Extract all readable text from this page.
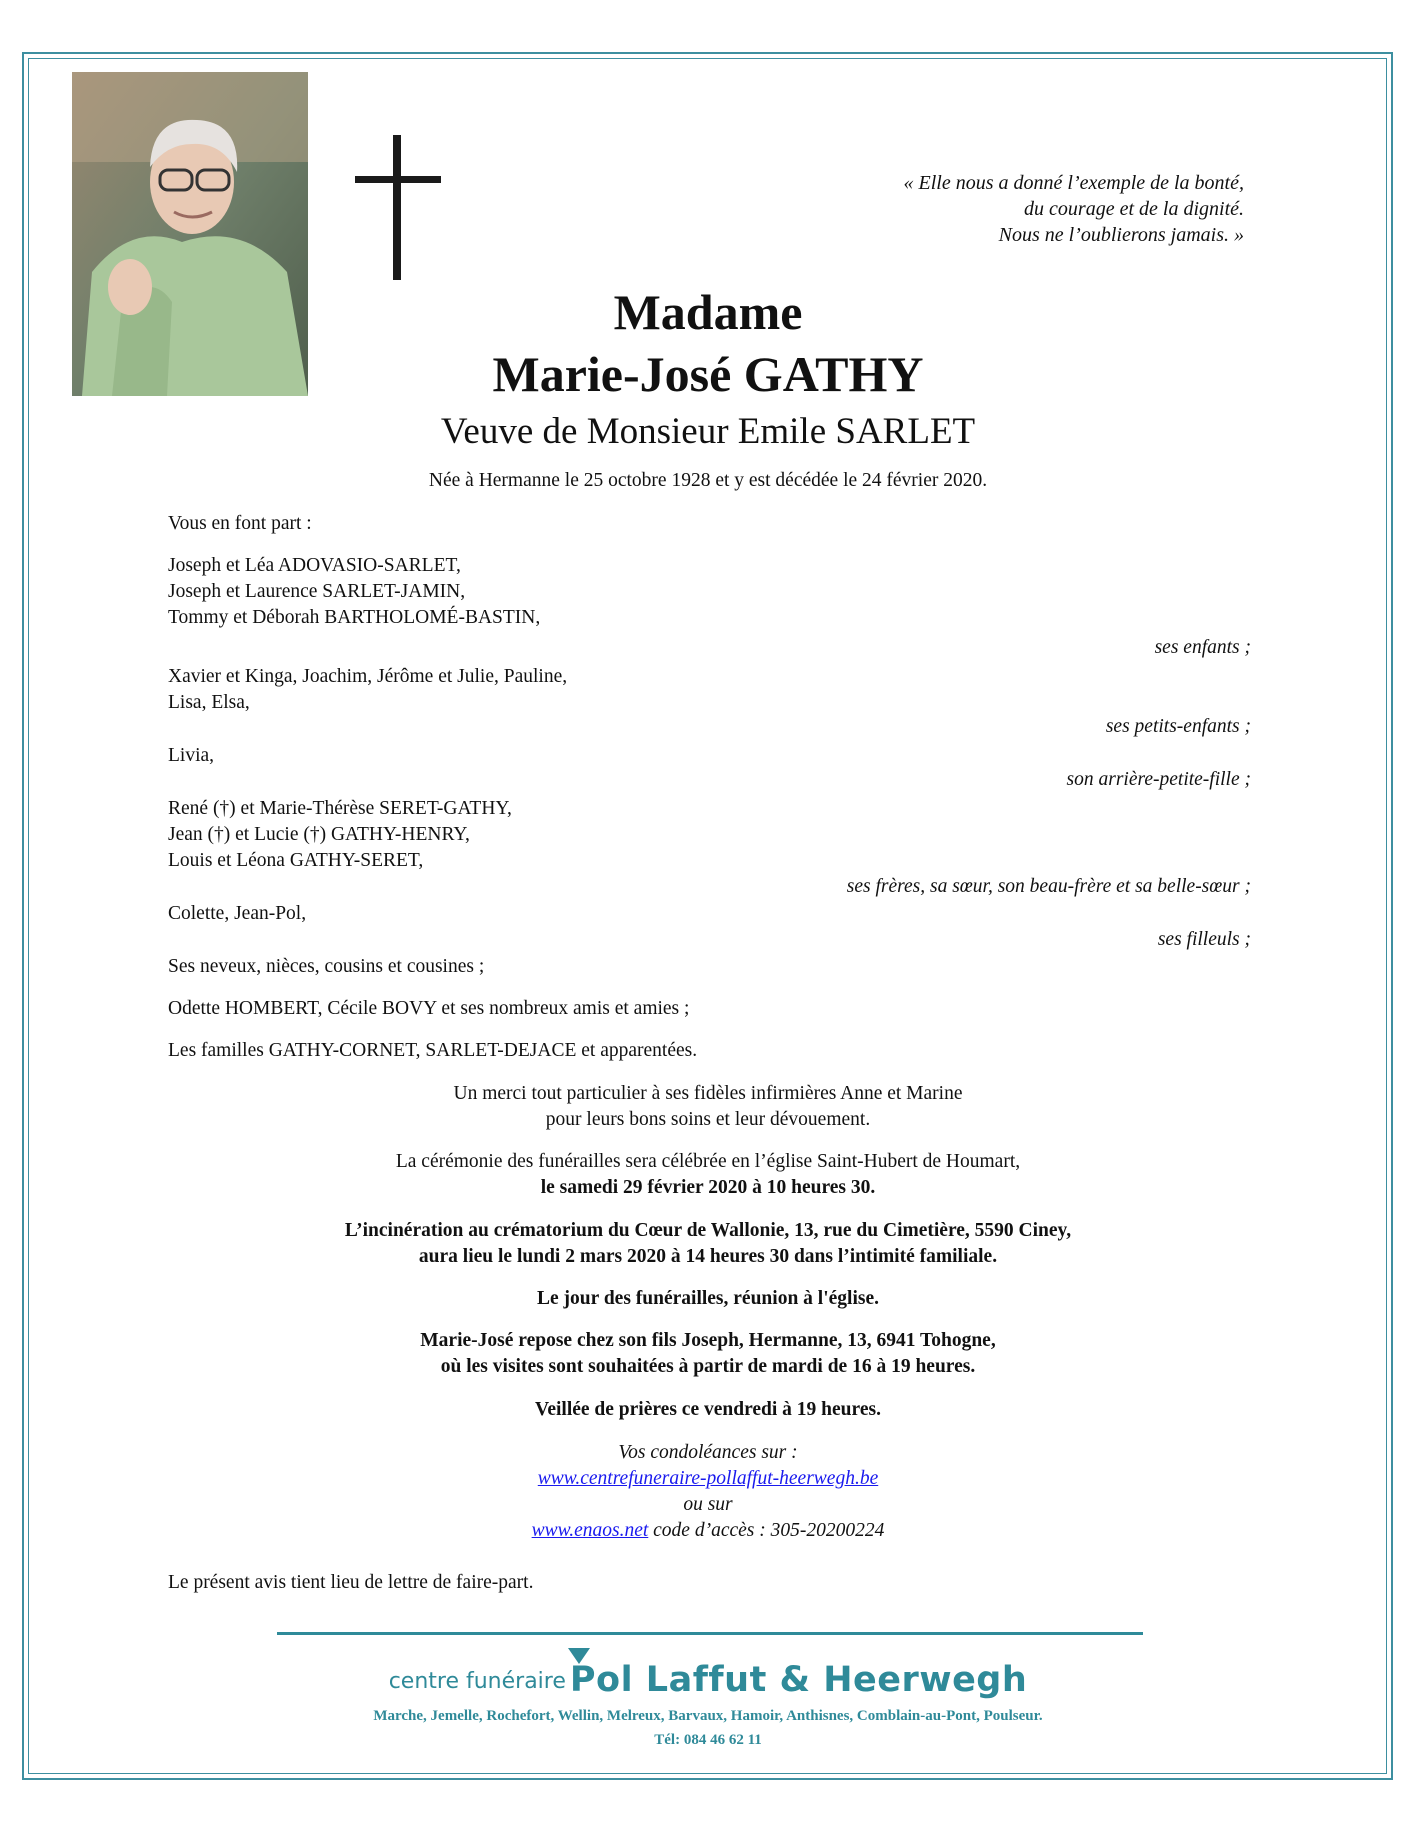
« Elle nous a donné l’exemple de la bonté,
du courage et de la dignité.
Nous ne l’oublierons jamais. »
Madame
Marie-José GATHY
Veuve de Monsieur Emile SARLET
Née à Hermanne le 25 octobre 1928 et y est décédée le 24 février 2020.
Vous en font part :
Joseph et Léa ADOVASIO-SARLET,
Joseph et Laurence SARLET-JAMIN,
Tommy et Déborah BARTHOLOMÉ-BASTIN,
ses enfants ;
Xavier et Kinga, Joachim, Jérôme et Julie, Pauline,
Lisa, Elsa,
ses petits-enfants ;
Livia,
son arrière-petite-fille ;
René (†) et Marie-Thérèse SERET-GATHY,
Jean (†) et Lucie (†) GATHY-HENRY,
Louis et Léona GATHY-SERET,
ses frères, sa sœur, son beau-frère et sa belle-sœur ;
Colette, Jean-Pol,
ses filleuls ;
Ses neveux, nièces, cousins et cousines ;
Odette HOMBERT, Cécile BOVY et ses nombreux amis et amies ;
Les familles GATHY-CORNET, SARLET-DEJACE et apparentées.
Un merci tout particulier à ses fidèles infirmières Anne et Marine
pour leurs bons soins et leur dévouement.
La cérémonie des funérailles sera célébrée en l’église Saint-Hubert de Houmart,
le samedi 29 février 2020 à 10 heures 30.
L’incinération au crématorium du Cœur de Wallonie, 13, rue du Cimetière, 5590 Ciney,
aura lieu le lundi 2 mars 2020 à 14 heures 30 dans l’intimité familiale.
Le jour des funérailles, réunion à l'église.
Marie-José repose chez son fils Joseph, Hermanne, 13, 6941 Tohogne,
où les visites sont souhaitées à partir de mardi de 16 à 19 heures.
Veillée de prières ce vendredi à 19 heures.
Vos condoléances sur :
www.centrefuneraire-pollaffut-heerwegh.be
ou sur
www.enaos.net code d’accès : 305-20200224
Le présent avis tient lieu de lettre de faire-part.
centre funéraire Pol Laffut & Heerwegh
Marche, Jemelle, Rochefort, Wellin, Melreux, Barvaux, Hamoir, Anthisnes, Comblain-au-Pont, Poulseur.
Tél: 084 46 62 11
